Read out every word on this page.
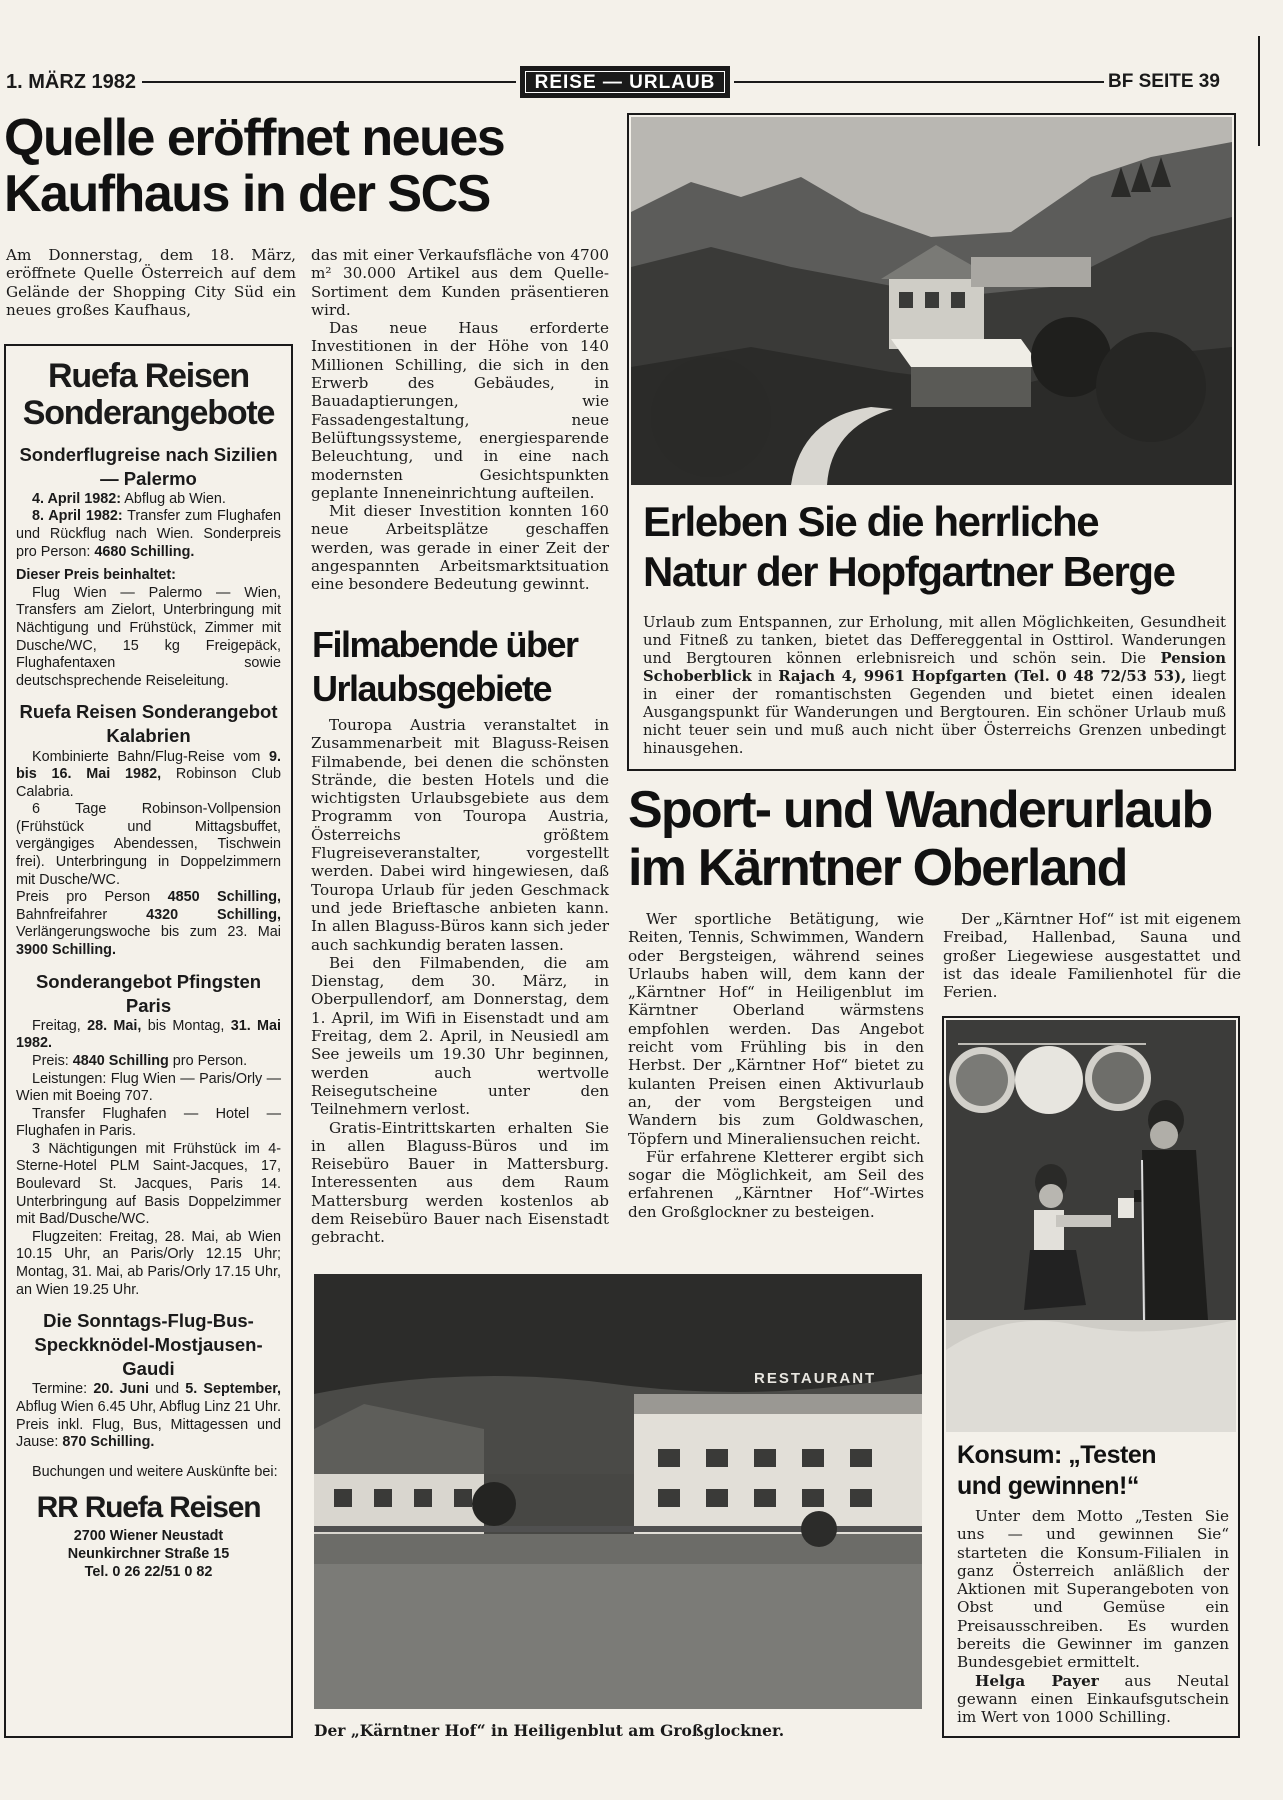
1. MÄRZ 1982	REISE — URLAUB	BF SEITE 39
Quelle eröffnet neues
Kaufhaus in der SCS

Am Donnerstag, dem 18. März, eröffnete Quelle Österreich auf dem Gelände der Shopping City Süd ein neues großes Kaufhaus,

das mit einer Verkaufsfläche von 4700 m² 30.000 Artikel aus dem Quelle-Sortiment dem Kunden präsentieren wird.

Das neue Haus erforderte Investitionen in der Höhe von 140 Millionen Schilling, die sich in den Erwerb des Gebäudes, in Bauadaptierungen, wie Fassadengestaltung, neue Belüftungssysteme, energiesparende Beleuchtung, und in eine nach modernsten Gesichtspunkten geplante Inneneinrichtung aufteilen.

Mit dieser Investition konnten 160 neue Arbeitsplätze geschaffen werden, was gerade in einer Zeit der angespannten Arbeitsmarktsituation eine besondere Bedeutung gewinnt.

Ruefa Reisen
Sonderangebote
Sonderflugreise nach Sizilien — Palermo
4. April 1982: Abflug ab Wien.
8. April 1982: Transfer zum Flughafen und Rückflug nach Wien. Sonderpreis pro Person: 4680 Schilling.
Dieser Preis beinhaltet:
Flug Wien — Palermo — Wien, Transfers am Zielort, Unterbringung mit Nächtigung und Frühstück, Zimmer mit Dusche/WC, 15 kg Freigepäck, Flughafentaxen sowie deutschsprechende Reiseleitung.
Ruefa Reisen Sonderangebot Kalabrien
Kombinierte Bahn/Flug-Reise vom 9. bis 16. Mai 1982, Robinson Club Calabria.
6 Tage Robinson-Vollpension (Frühstück und Mittagsbuffet, vergängiges Abendessen, Tischwein frei). Unterbringung in Doppelzimmern mit Dusche/WC.
Preis pro Person 4850 Schilling, Bahnfreifahrer	4320 Schilling, Verlängerungswoche bis zum 23. Mai 3900 Schilling.
Sonderangebot Pfingsten Paris
Freitag, 28. Mai, bis Montag, 31. Mai 1982.
Preis: 4840 Schilling pro Person.
Leistungen: Flug Wien — Paris/Orly — Wien mit Boeing 707.
Transfer Flughafen — Hotel — Flughafen in Paris.
3 Nächtigungen mit Frühstück im 4-Sterne-Hotel PLM Saint-Jacques, 17, Boulevard St. Jacques, Paris 14. Unterbringung auf Basis Doppelzimmer mit Bad/Dusche/WC.
Flugzeiten: Freitag, 28. Mai, ab Wien 10.15 Uhr, an Paris/Orly 12.15 Uhr; Montag, 31. Mai, ab Paris/Orly 17.15 Uhr, an Wien 19.25 Uhr.
Die Sonntags-Flug-Bus-Speckknödel-Mostjausen-Gaudi
Termine: 20. Juni und 5. September, Abflug Wien 6.45 Uhr, Abflug Linz 21 Uhr. Preis inkl. Flug, Bus, Mittagessen und Jause: 870 Schilling.
Buchungen und weitere Auskünfte bei:
RR Ruefa Reisen
2700 Wiener Neustadt
Neunkirchner Straße 15
Tel. 0 26 22/51 0 82
Filmabende über
Urlaubsgebiete

Touropa Austria veranstaltet in Zusammenarbeit mit Blaguss-Reisen Filmabende, bei denen die schönsten Strände, die besten Hotels und die wichtigsten Urlaubsgebiete aus dem Programm von Touropa Austria, Österreichs größtem Flugreiseveranstalter, vorgestellt werden. Dabei wird hingewiesen, daß Touropa Urlaub für jeden Geschmack und jede Brieftasche anbieten kann. In allen Blaguss-Büros kann sich jeder auch sachkundig beraten lassen.

Bei den Filmabenden, die am Dienstag, dem 30. März, in Oberpullendorf, am Donnerstag, dem 1. April, im Wifi in Eisenstadt und am Freitag, dem 2. April, in Neusiedl am See jeweils um 19.30 Uhr beginnen, werden auch wertvolle Reisegutscheine unter den Teilnehmern verlost.

Gratis-Eintrittskarten erhalten Sie in allen Blaguss-Büros und im Reisebüro Bauer in Mattersburg. Interessenten aus dem Raum Mattersburg werden kostenlos ab dem Reisebüro Bauer nach Eisenstadt gebracht.

Erleben Sie die herrliche
Natur der Hopfgartner Berge

Urlaub zum Entspannen, zur Erholung, mit allen Möglichkeiten, Gesundheit und Fitneß zu tanken, bietet das Deffereggental in Osttirol. Wanderungen und Bergtouren können erlebnisreich und schön sein. Die Pension Schoberblick in Rajach 4, 9961 Hopfgarten (Tel. 0 48 72/53 53), liegt in einer der romantischsten Gegenden und bietet einen idealen Ausgangspunkt für Wanderungen und Bergtouren. Ein schöner Urlaub muß nicht teuer sein und muß auch nicht über Österreichs Grenzen unbedingt hinausgehen.

Sport- und Wanderurlaub
im Kärntner Oberland

Wer sportliche Betätigung, wie Reiten, Tennis, Schwimmen, Wandern oder Bergsteigen, während seines Urlaubs haben will, dem kann der „Kärntner Hof“ in Heiligenblut im Kärntner Oberland wärmstens empfohlen werden. Das Angebot reicht vom Frühling bis in den Herbst. Der „Kärntner Hof“ bietet zu kulanten Preisen einen Aktivurlaub an, der vom Bergsteigen und Wandern bis zum Goldwaschen, Töpfern und Mineraliensuchen reicht.

Für erfahrene Kletterer ergibt sich sogar die Möglichkeit, am Seil des erfahrenen „Kärntner Hof“-Wirtes den Großglockner zu besteigen.

Der „Kärntner Hof“ ist mit eigenem Freibad, Hallenbad, Sauna und großer Liegewiese ausgestattet und ist das ideale Familienhotel für die Ferien.

RESTAURANT
Der „Kärntner Hof“ in Heiligenblut am Großglockner.
Konsum: „Testen
und gewinnen!“

Unter dem Motto „Testen Sie uns — und gewinnen Sie“ starteten die Konsum-Filialen in ganz Österreich anläßlich der Aktionen mit Superangeboten von Obst und Gemüse ein Preisausschreiben. Es wurden bereits die Gewinner im ganzen Bundesgebiet ermittelt.

Helga Payer aus Neutal gewann einen Einkaufsgutschein im Wert von 1000 Schilling.
